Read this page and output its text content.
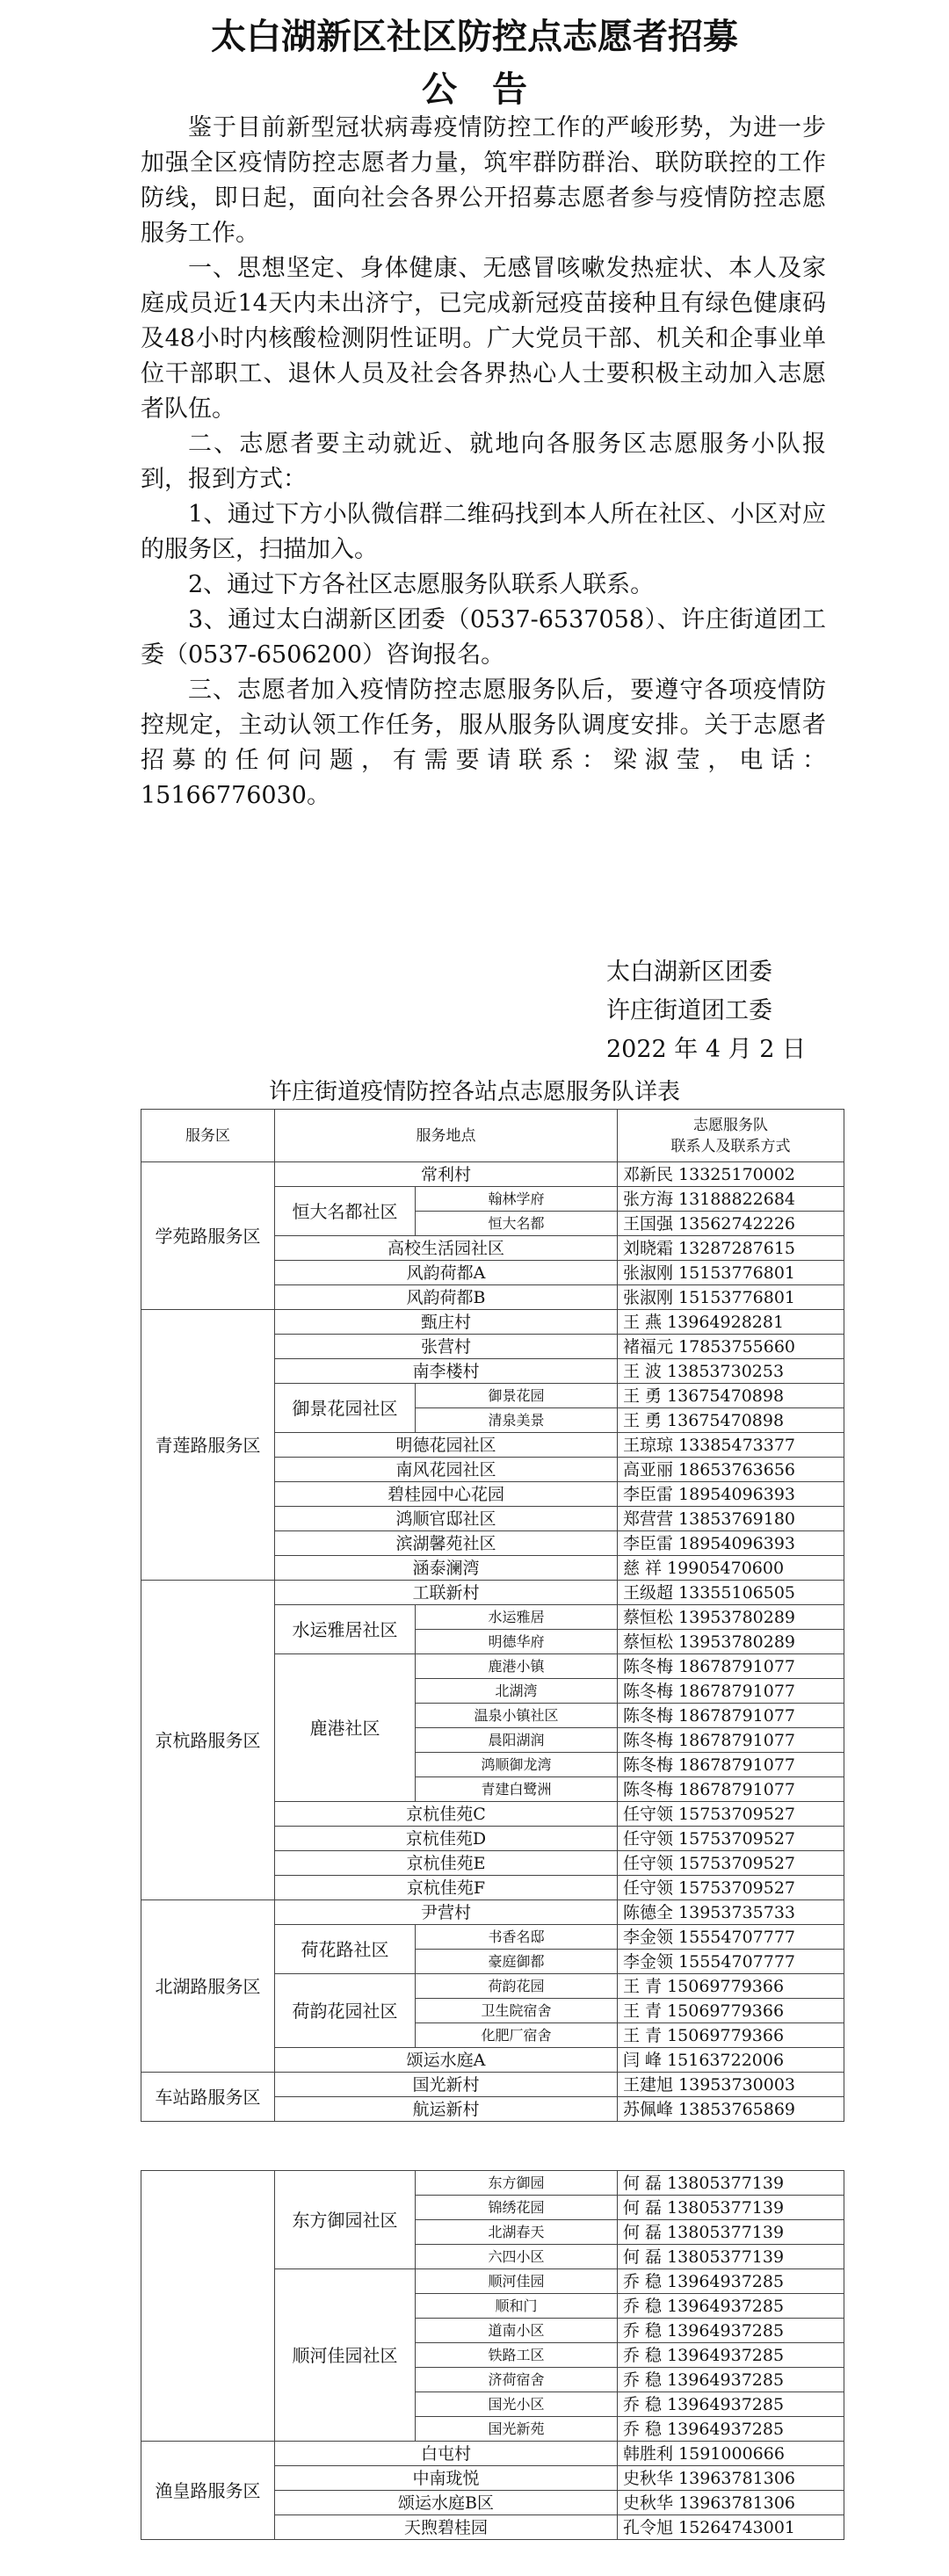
太白湖新区社区防控点志愿者招募
公告

鉴于目前新型冠状病毒疫情防控工作的严峻形势，为进一步加强全区疫情防控志愿者力量，筑牢群防群治、联防联控的工作防线，即日起，面向社会各界公开招募志愿者参与疫情防控志愿服务工作。

一、思想坚定、身体健康、无感冒咳嗽发热症状、本人及家庭成员近14天内未出济宁，已完成新冠疫苗接种且有绿色健康码及48小时内核酸检测阴性证明。广大党员干部、机关和企事业单位干部职工、退休人员及社会各界热心人士要积极主动加入志愿者队伍。

二、志愿者要主动就近、就地向各服务区志愿服务小队报到，报到方式：

1、通过下方小队微信群二维码找到本人所在社区、小区对应的服务区，扫描加入。

2、通过下方各社区志愿服务队联系人联系。

3、通过太白湖新区团委（0537-6537058）、许庄街道团工委（0537-6506200）咨询报名。

三、志愿者加入疫情防控志愿服务队后，要遵守各项疫情防控规定，主动认领工作任务，服从服务队调度安排。关于志愿者招募的任何问题，有需要请联系：梁淑莹，电话：15166776030。

太白湖新区团委
许庄街道团工委
2022 年 4 月 2 日
许庄街道疫情防控各站点志愿服务队详表
服务区	服务地点		志愿服务队
联系人及联系方式

学苑路服务区	常利村		邓新民 13325170002
	恒大名都社区	翰林学府	张方海 13188822684
		恒大名都	王国强 13562742226
	高校生活园社区		刘晓霜 13287287615
	风韵荷都A		张淑刚 15153776801
	风韵荷都B		张淑刚 15153776801
青莲路服务区	甄庄村		王 燕 13964928281
	张营村		褚福元 17853755660
	南李楼村		王 波 13853730253
	御景花园社区	御景花园	王 勇 13675470898
		清泉美景	王 勇 13675470898
	明德花园社区		王琼琼 13385473377
	南风花园社区		高亚丽 18653763656
	碧桂园中心花园		李臣雷 18954096393
	鸿顺官邸社区		郑营营 13853769180
	滨湖馨苑社区		李臣雷 18954096393
	涵泰澜湾		慈 祥 19905470600
京杭路服务区	工联新村		王级超 13355106505
	水运雅居社区	水运雅居	蔡恒松 13953780289
		明德华府	蔡恒松 13953780289
	鹿港社区	鹿港小镇	陈冬梅 18678791077
		北湖湾	陈冬梅 18678791077
		温泉小镇社区	陈冬梅 18678791077
		晨阳湖润	陈冬梅 18678791077
		鸿顺御龙湾	陈冬梅 18678791077
		青建白鹭洲	陈冬梅 18678791077
	京杭佳苑C		任守领 15753709527
	京杭佳苑D		任守领 15753709527
	京杭佳苑E		任守领 15753709527
	京杭佳苑F		任守领 15753709527
北湖路服务区	尹营村		陈德全 13953735733
	荷花路社区	书香名邸	李金领 15554707777
		豪庭御都	李金领 15554707777
	荷韵花园社区	荷韵花园	王 青 15069779366
		卫生院宿舍	王 青 15069779366
		化肥厂宿舍	王 青 15069779366
	颂运水庭A		闫 峰 15163722006
车站路服务区	国光新村		王建旭 13953730003
	航运新村		苏佩峰 13853765869
	东方御园社区	东方御园	何 磊 13805377139
		锦绣花园	何 磊 13805377139
		北湖春天	何 磊 13805377139
		六四小区	何 磊 13805377139
	顺河佳园社区	顺河佳园	乔 稳 13964937285
		顺和门	乔 稳 13964937285
		道南小区	乔 稳 13964937285
		铁路工区	乔 稳 13964937285
		济荷宿舍	乔 稳 13964937285
		国光小区	乔 稳 13964937285
		国光新苑	乔 稳 13964937285
渔皇路服务区	白屯村		韩胜利 1591000666
	中南珑悦		史秋华 13963781306
	颂运水庭B区		史秋华 13963781306
	天煦碧桂园		孔令旭 15264743001
